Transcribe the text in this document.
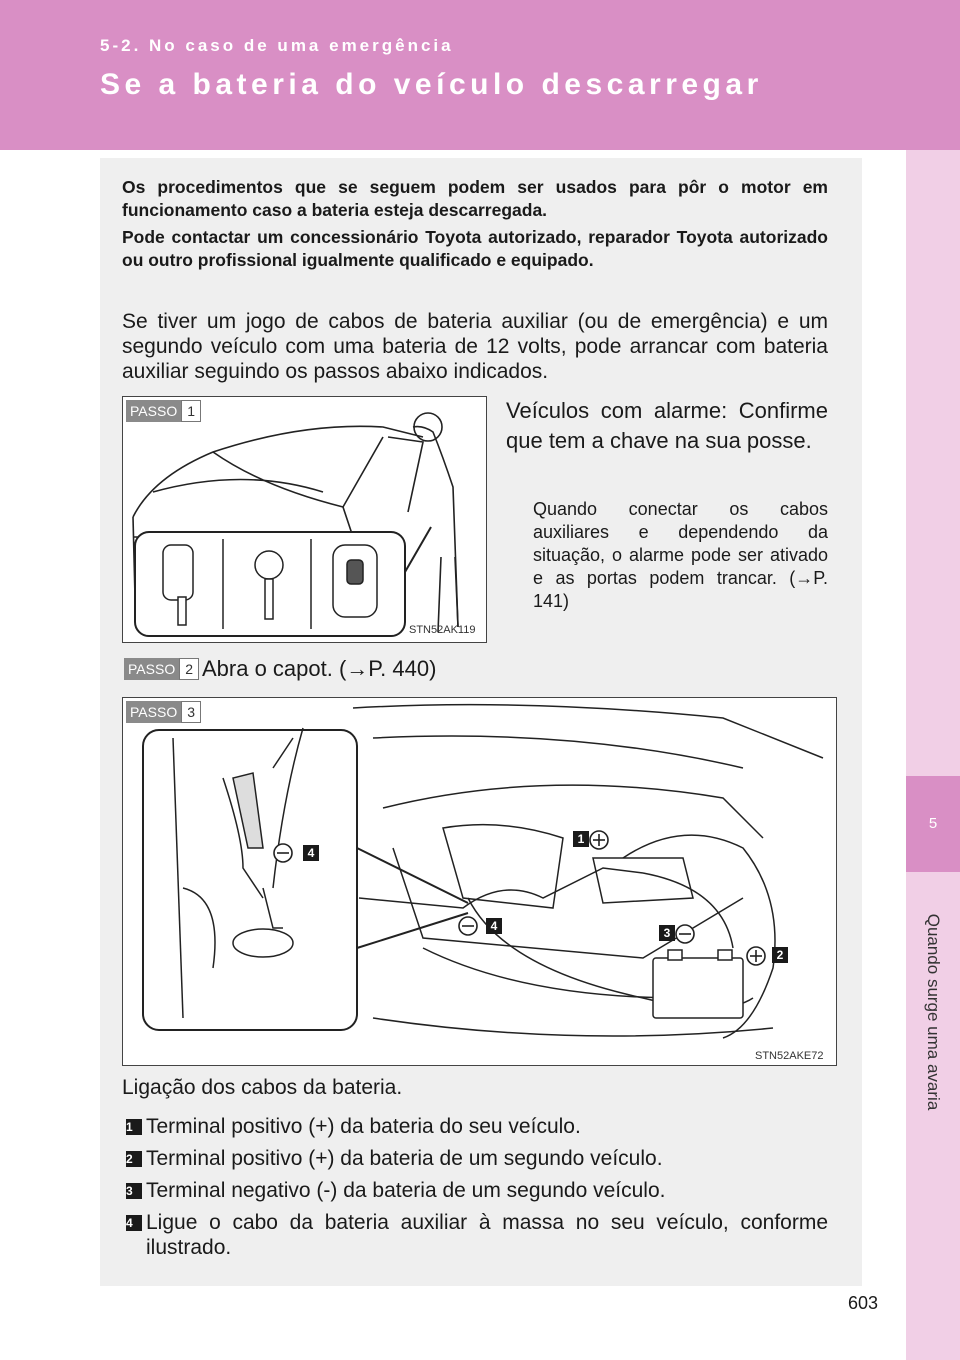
5-2. No caso de uma emergência
Se a bateria do veículo descarregar
5
Quando surge uma avaria
Os procedimentos que se seguem podem ser usados para pôr o motor em funcionamento caso a bateria esteja descarregada.
Pode contactar um concessionário Toyota autorizado, reparador Toyota autorizado ou outro profissional igualmente qualificado e equipado.
Se tiver um jogo de cabos de bateria auxiliar (ou de emergência) e um segundo veículo com uma bateria de 12 volts, pode arrancar com bateria auxiliar seguindo os passos abaixo indicados.
PASSO 1
STN52AK119
Veículos com alarme: Confirme que tem a chave na sua posse.
Quando conectar os cabos auxiliares e dependendo da situação, o alarme pode ser ativado e as portas podem trancar. (→P. 141)
PASSO 2 Abra o capot. (→P. 440)
PASSO 3
1
2
3
4
4
STN52AKE72
Ligação dos cabos da bateria.
1 Terminal positivo (+) da bateria do seu veículo.
2 Terminal positivo (+) da bateria de um segundo veículo.
3 Terminal negativo (-) da bateria de um segundo veículo.
4 Ligue o cabo da bateria auxiliar à massa no seu veículo, conforme ilustrado.
603
